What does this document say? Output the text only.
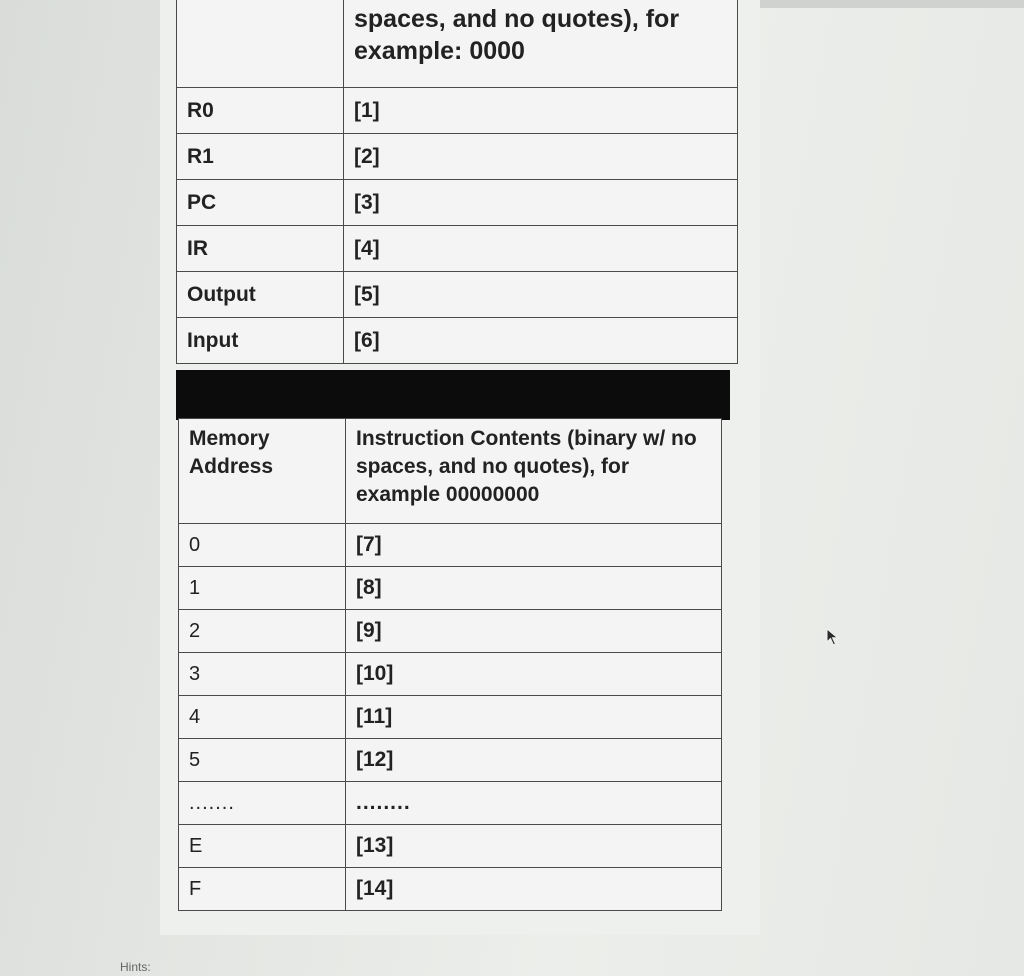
	spaces, and no quotes), for example: 0000
R0	[1]
R1	[2]
PC	[3]
IR	[4]
Output	[5]
Input	[6]
Memory Address	Instruction Contents (binary w/ no spaces, and no quotes), for example 00000000
0	[7]
1	[8]
2	[9]
3	[10]
4	[11]
5	[12]
.......	........
E	[13]
F	[14]
Hints:
